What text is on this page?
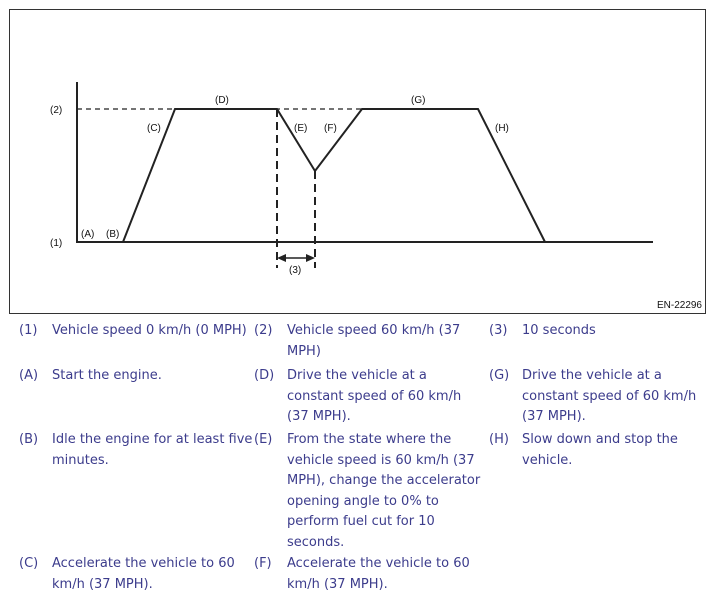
(2)
(1)
(A) (B)
(C)
(D)
(E) (F)
(G)
(H)
(3)
EN-22296
(1) Vehicle speed 0 km/h (0 MPH) (2) Vehicle speed 60 km/h (37 MPH)
(3) 10 seconds
(A) Start the engine.	(D) Drive the vehicle at a constant speed of 60 km/h (37 MPH).
(G) Drive the vehicle at a constant speed of 60 km/h (37 MPH).
(B) Idle the engine for at least five minutes.
(E) From the state where the vehicle speed is 60 km/h (37 MPH), change the accelerator opening angle to 0% to perform fuel cut for 10 seconds.
(H) Slow down and stop the vehicle.
(C) Accelerate the vehicle to 60 km/h (37 MPH).
(F) Accelerate the vehicle to 60 km/h (37 MPH).
